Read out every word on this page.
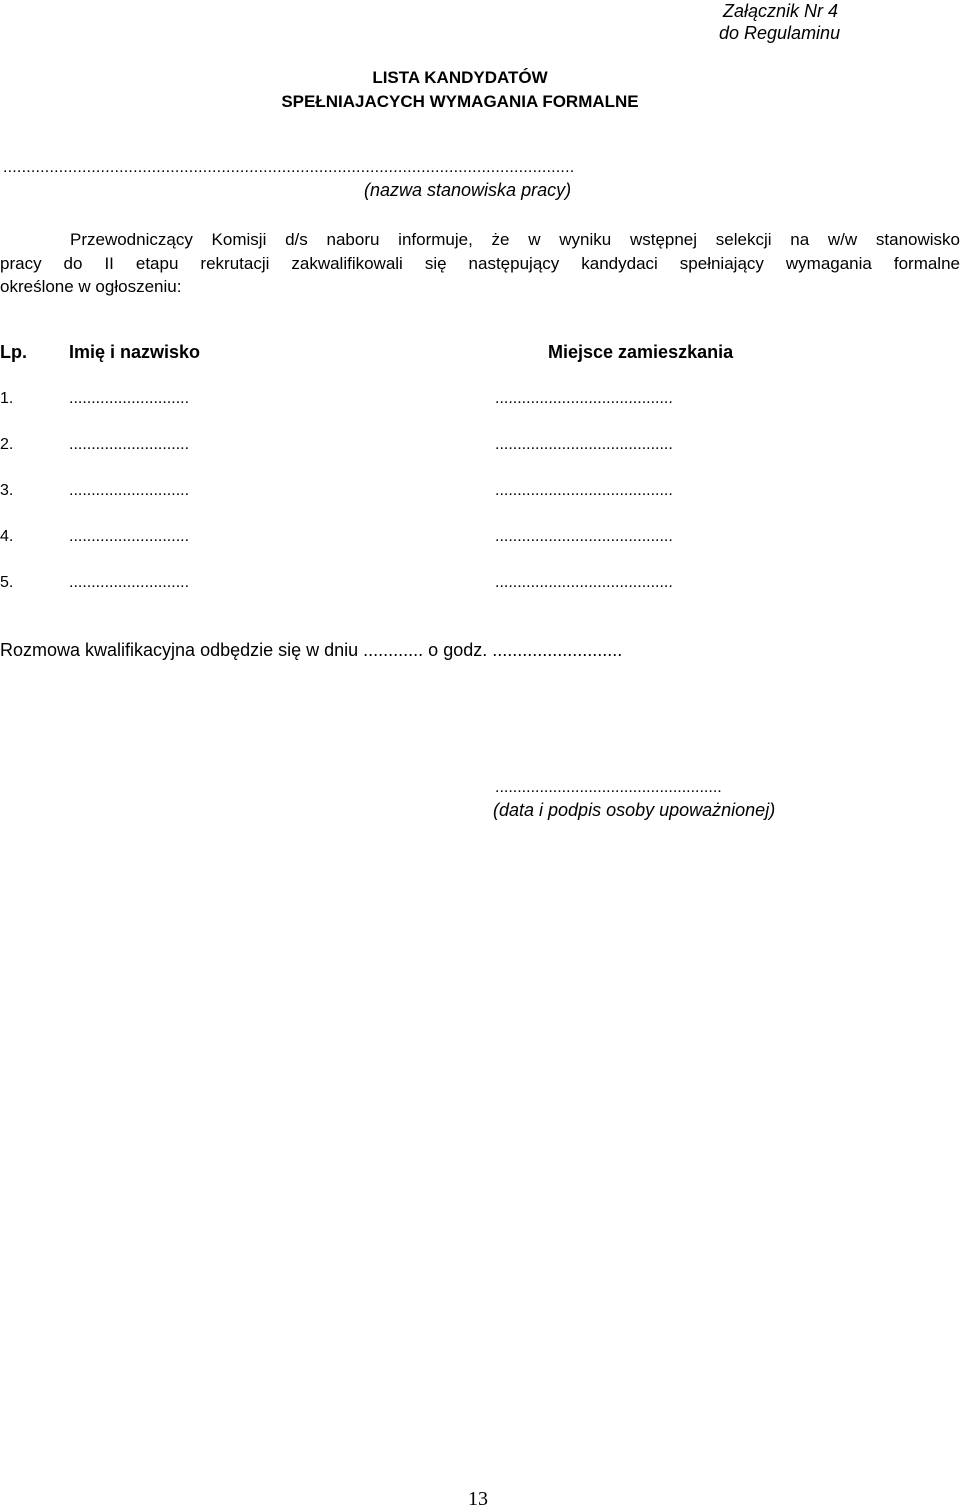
Załącznik Nr 4
do Regulaminu
LISTA KANDYDATÓW
SPEŁNIAJACYCH WYMAGANIA FORMALNE
...........................................................................................................................
(nazwa stanowiska pracy)
Przewodniczący Komisji d/s naboru informuje, że w wyniku wstępnej selekcji na w/w stanowisko
pracy do II etapu rekrutacji zakwalifikowali się następujący kandydaci spełniający wymagania formalne
określone w ogłoszeniu:
Lp. Imię i nazwisko	Miejsce zamieszkania
1.	...........................	........................................
2.	...........................	........................................
3.	...........................	........................................
4.	...........................	........................................
5.	...........................	........................................
Rozmowa kwalifikacyjna odbędzie się w dniu ............ o godz. ..........................
...................................................
(data i podpis osoby upoważnionej)
13
